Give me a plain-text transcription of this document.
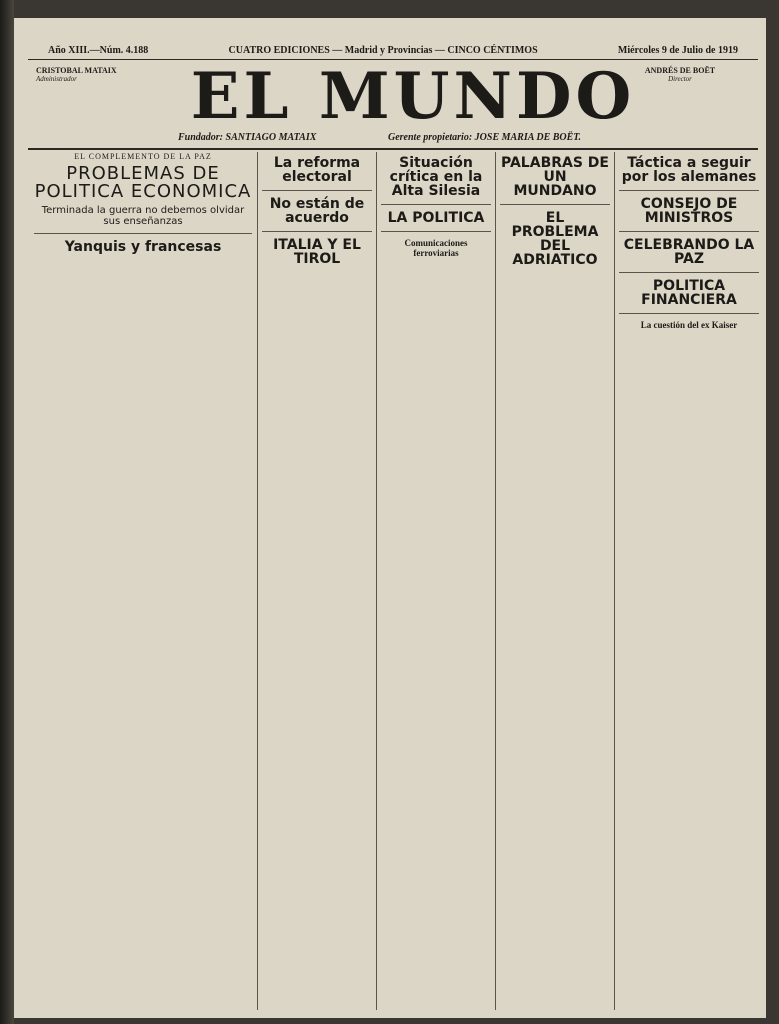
Año XIII.—Núm. 4.188	CUATRO EDICIONES — Madrid y Provincias — CINCO CÉNTIMOS	Miércoles 9 de Julio de 1919
CRISTOBAL MATAIX
Administrador	EL MUNDO
Fundador: SANTIAGO MATAIX	Gerente propietario: JOSE MARIA DE BOËT.
ANDRÉS DE BOËT
Director
EL COMPLEMENTO DE LA PAZ
PROBLEMAS DE POLITICA ECONOMICA
Terminada la guerra no debemos olvidar sus enseñanzas
Yanquis y francesas
La reforma electoral
No están de acuerdo
ITALIA Y EL TIROL
Situación crítica en la Alta Silesia
LA POLITICA
Comunicaciones ferroviarias
PALABRAS DE UN MUNDANO
EL PROBLEMA DEL ADRIATICO
Táctica a seguir por los alemanes
CONSEJO DE MINISTROS
CELEBRANDO LA PAZ
POLITICA FINANCIERA
La cuestión del ex Kaiser
